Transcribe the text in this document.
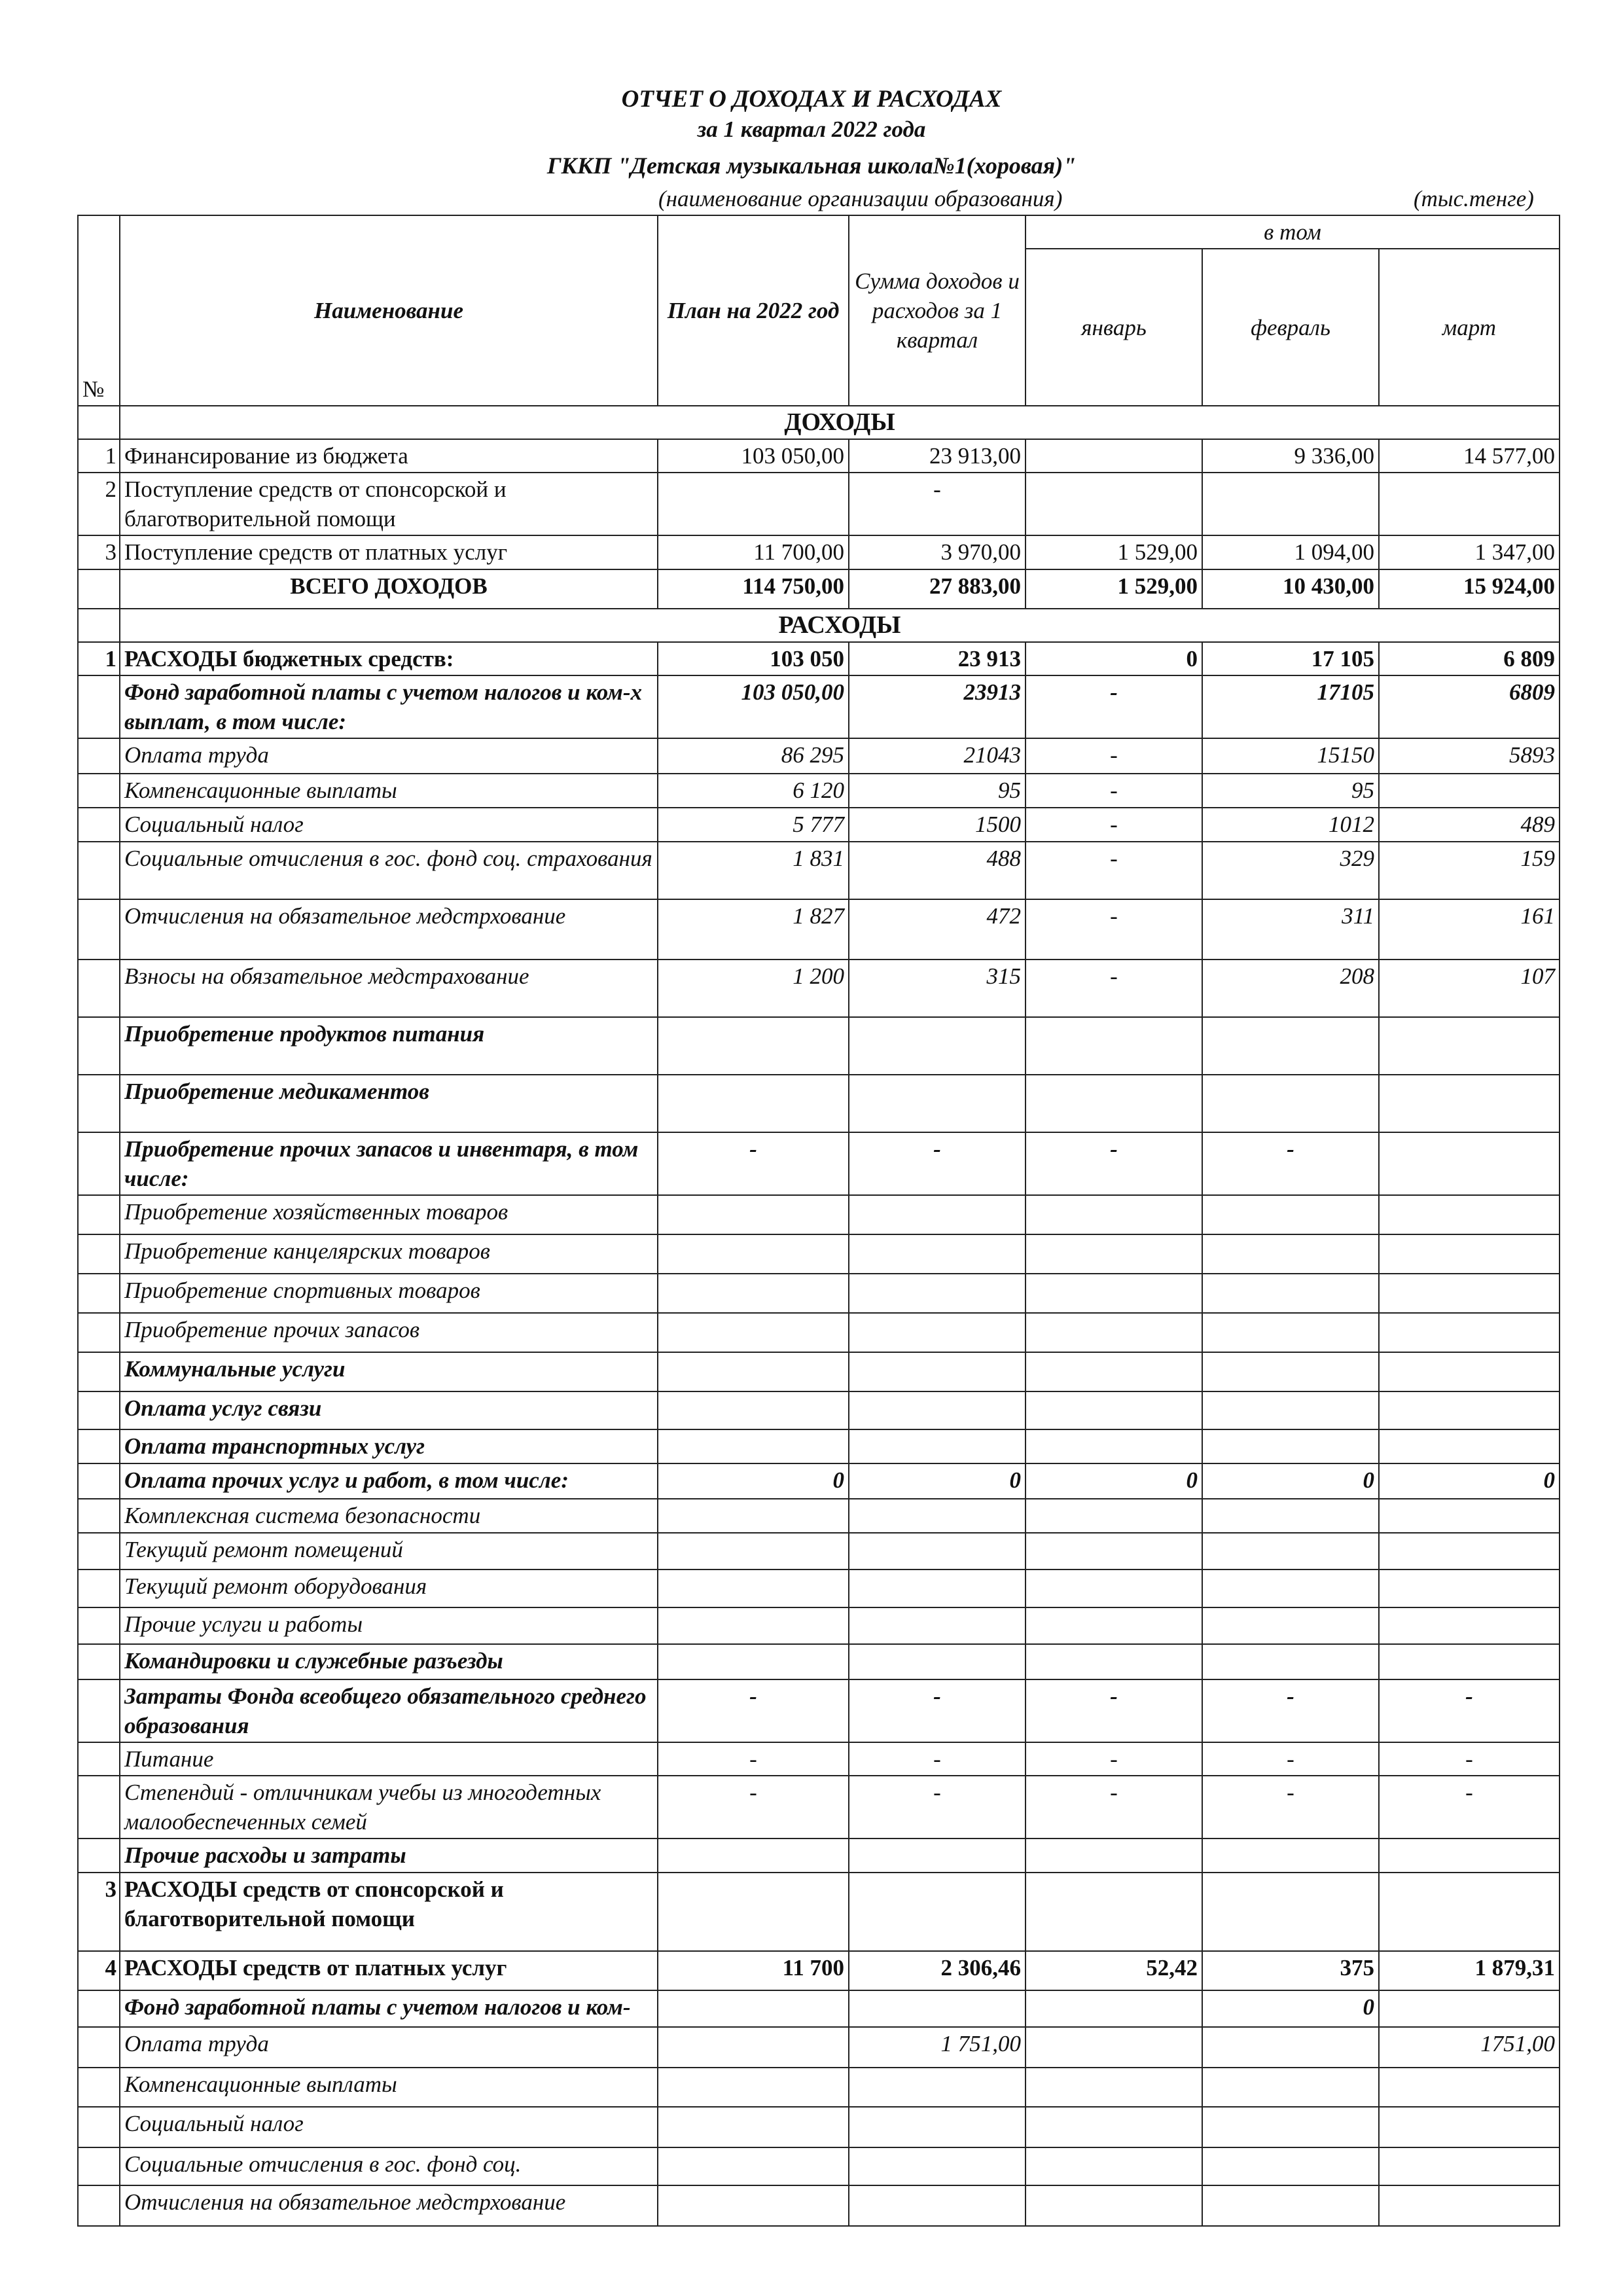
ОТЧЕТ О ДОХОДАХ И РАСХОДАХ
за 1 квартал 2022 года
ГККП "Детская музыкальная школа№1(хоровая)"
(наименование организации образования)	(тыс.тенге)
№	Наименование	План на 2022 год	Сумма доходов и расходов за 1 квартал	в том		
				январь	февраль	март
	ДОХОДЫ					
1	Финансирование из бюджета	103 050,00	23 913,00		9 336,00	14 577,00
2	Поступление средств от спонсорской и благотворительной помощи		-			
3	Поступление средств от платных услуг	11 700,00	3 970,00	1 529,00	1 094,00	1 347,00
	ВСЕГО ДОХОДОВ	114 750,00	27 883,00	1 529,00	10 430,00	15 924,00
	РАСХОДЫ					
1	РАСХОДЫ бюджетных средств:	103 050	23 913	0	17 105	6 809
	Фонд заработной платы с учетом налогов и ком-х выплат, в том числе:	103 050,00	23913	-	17105	6809
	Оплата труда	86 295	21043	-	15150	5893
	Компенсационные выплаты	6 120	95	-	95	
	Социальный налог	5 777	1500	-	1012	489
	Социальные отчисления в гос. фонд соц. страхования	1 831	488	-	329	159
	Отчисления на обязательное медстрхование	1 827	472	-	311	161
	Взносы на обязательное медстрахование	1 200	315	-	208	107
	Приобретение продуктов питания					
	Приобретение медикаментов					
	Приобретение прочих запасов и инвентаря, в том числе:	-	-	-	-	
	Приобретение хозяйственных товаров					
	Приобретение канцелярских товаров					
	Приобретение спортивных товаров					
	Приобретение прочих запасов					
	Коммунальные услуги					
	Оплата услуг связи					
	Оплата транспортных услуг					
	Оплата прочих услуг и работ, в том числе:	0	0	0	0	0
	Комплексная система безопасности					
	Текущий ремонт помещений					
	Текущий ремонт оборудования					
	Прочие услуги и работы					
	Командировки и служебные разъезды					
	Затраты Фонда всеобщего обязательного среднего образования	-	-	-	-	-
	Питание	-	-	-	-	-
	Степендий - отличникам учебы из многодетных малообеспеченных семей	-	-	-	-	-
	Прочие расходы и затраты					
3	РАСХОДЫ средств от спонсорской и благотворительной помощи					
4	РАСХОДЫ средств от платных услуг	11 700	2 306,46	52,42	375	1 879,31
	Фонд заработной платы с учетом налогов и ком-				0	
	Оплата труда		1 751,00			1751,00
	Компенсационные выплаты					
	Социальный налог					
	Социальные отчисления в гос. фонд соц.					
	Отчисления на обязательное медстрхование					
